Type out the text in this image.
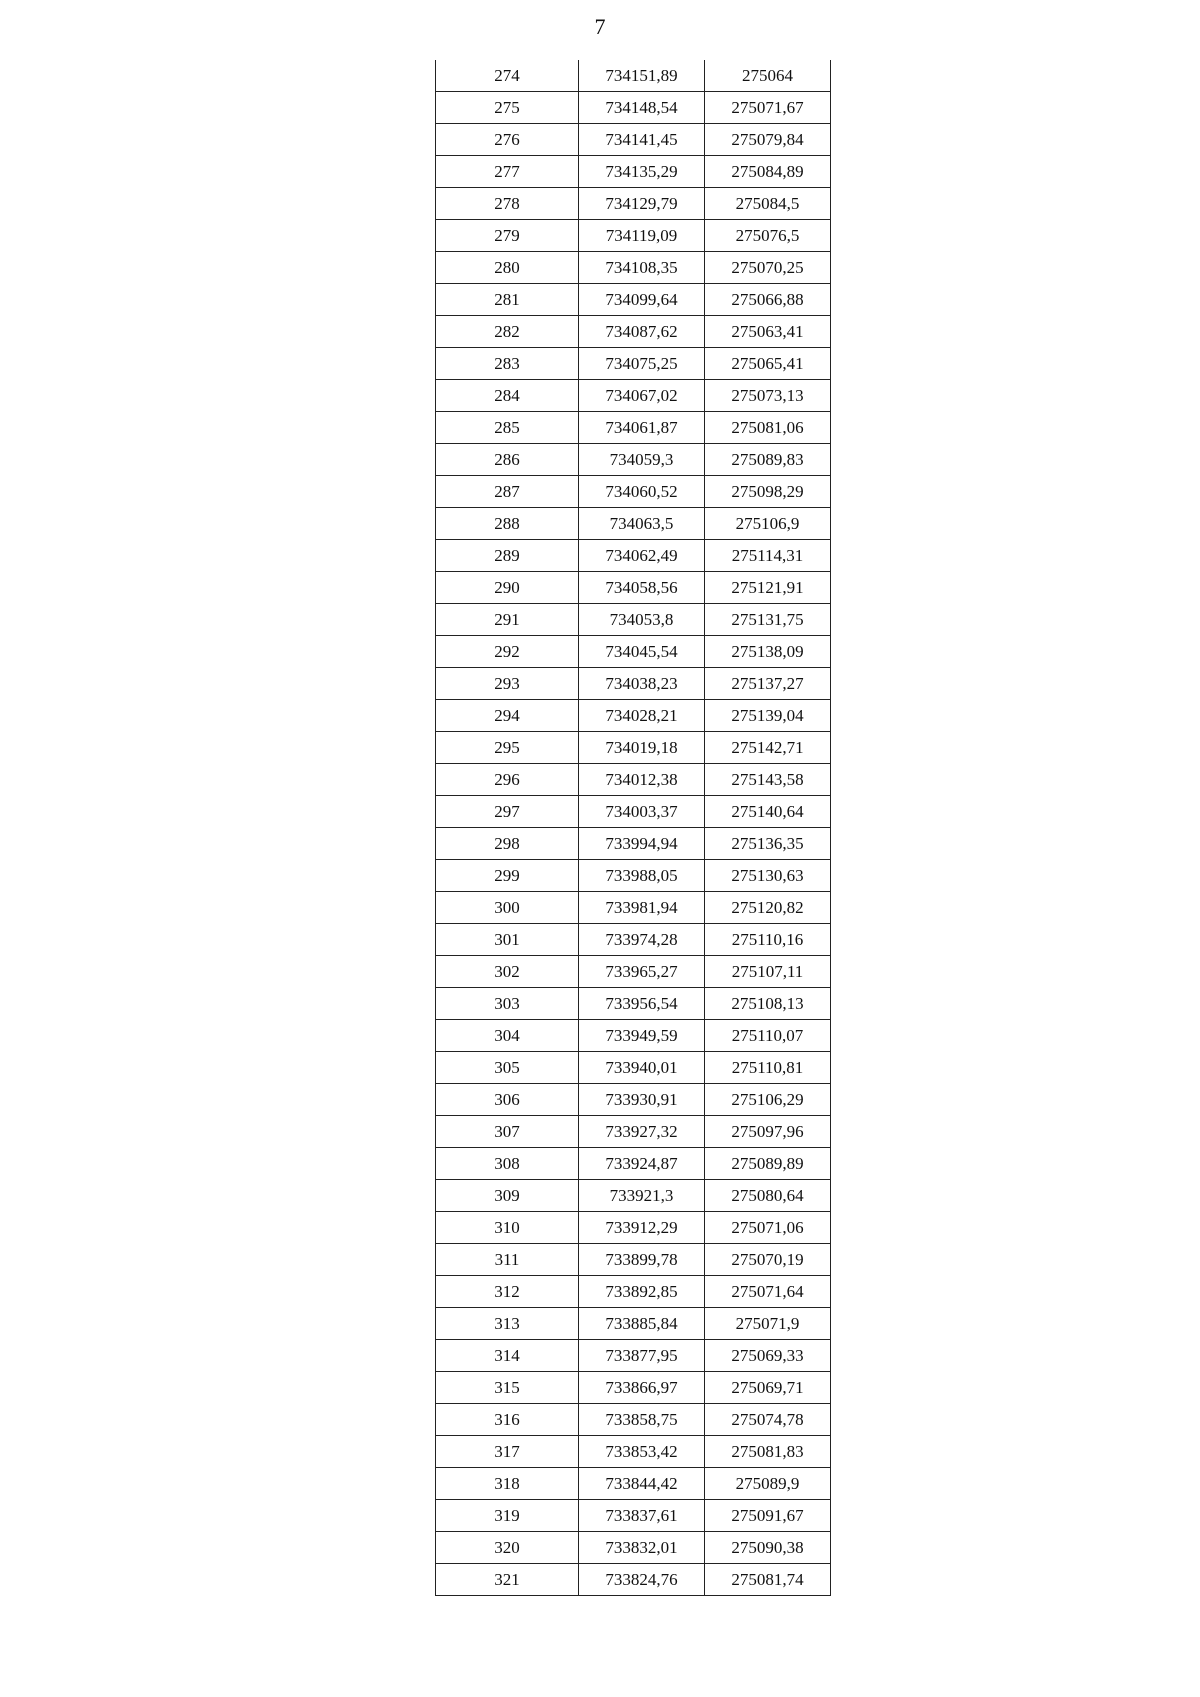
7
274	734151,89	275064
275	734148,54	275071,67
276	734141,45	275079,84
277	734135,29	275084,89
278	734129,79	275084,5
279	734119,09	275076,5
280	734108,35	275070,25
281	734099,64	275066,88
282	734087,62	275063,41
283	734075,25	275065,41
284	734067,02	275073,13
285	734061,87	275081,06
286	734059,3	275089,83
287	734060,52	275098,29
288	734063,5	275106,9
289	734062,49	275114,31
290	734058,56	275121,91
291	734053,8	275131,75
292	734045,54	275138,09
293	734038,23	275137,27
294	734028,21	275139,04
295	734019,18	275142,71
296	734012,38	275143,58
297	734003,37	275140,64
298	733994,94	275136,35
299	733988,05	275130,63
300	733981,94	275120,82
301	733974,28	275110,16
302	733965,27	275107,11
303	733956,54	275108,13
304	733949,59	275110,07
305	733940,01	275110,81
306	733930,91	275106,29
307	733927,32	275097,96
308	733924,87	275089,89
309	733921,3	275080,64
310	733912,29	275071,06
311	733899,78	275070,19
312	733892,85	275071,64
313	733885,84	275071,9
314	733877,95	275069,33
315	733866,97	275069,71
316	733858,75	275074,78
317	733853,42	275081,83
318	733844,42	275089,9
319	733837,61	275091,67
320	733832,01	275090,38
321	733824,76	275081,74
